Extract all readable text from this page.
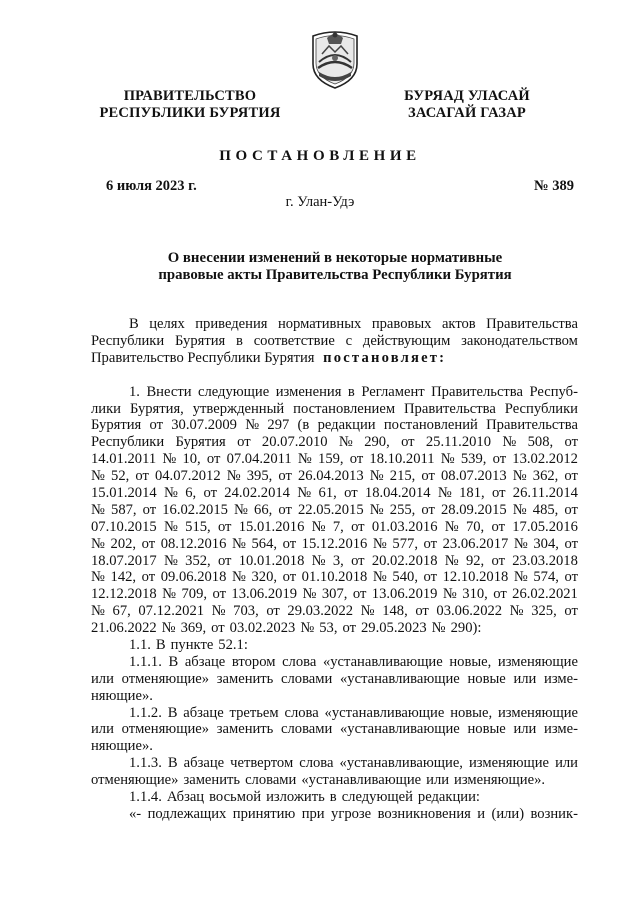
ПРАВИТЕЛЬСТВО
РЕСПУБЛИКИ БУРЯТИЯ
БУРЯАД УЛАСАЙ
ЗАСАГАЙ ГАЗАР
ПОСТАНОВЛЕНИЕ
6 июля 2023 г.	№ 389
г. Улан-Удэ
О внесении изменений в некоторые нормативные
правовые акты Правительства Республики Бурятия
В целях приведения нормативных правовых актов Правительства
Республики Бурятия в соответствие с действующим законодательством
Правительство Республики Бурятия постановляет:
1. Внести следующие изменения в Регламент Правительства Респуб-
лики Бурятия, утвержденный постановлением Правительства Республики
Бурятия от 30.07.2009 № 297 (в редакции постановлений Правительства
Республики Бурятия от 20.07.2010 № 290, от 25.11.2010 № 508, от
14.01.2011 № 10, от 07.04.2011 № 159, от 18.10.2011 № 539, от 13.02.2012
№ 52, от 04.07.2012 № 395, от 26.04.2013 № 215, от 08.07.2013 № 362, от
15.01.2014 № 6, от 24.02.2014 № 61, от 18.04.2014 № 181, от 26.11.2014
№ 587, от 16.02.2015 № 66, от 22.05.2015 № 255, от 28.09.2015 № 485, от
07.10.2015 № 515, от 15.01.2016 № 7, от 01.03.2016 № 70, от 17.05.2016
№ 202, от 08.12.2016 № 564, от 15.12.2016 № 577, от 23.06.2017 № 304, от
18.07.2017 № 352, от 10.01.2018 № 3, от 20.02.2018 № 92, от 23.03.2018
№ 142, от 09.06.2018 № 320, от 01.10.2018 № 540, от 12.10.2018 № 574, от
12.12.2018 № 709, от 13.06.2019 № 307, от 13.06.2019 № 310, от 26.02.2021
№ 67, 07.12.2021 № 703, от 29.03.2022 № 148, от 03.06.2022 № 325, от
21.06.2022 № 369, от 03.02.2023 № 53, от 29.05.2023 № 290):
1.1. В пункте 52.1:
1.1.1. В абзаце втором слова «устанавливающие новые, изменяющие
или отменяющие» заменить словами «устанавливающие новые или изме-
няющие».
1.1.2. В абзаце третьем слова «устанавливающие новые, изменяющие
или отменяющие» заменить словами «устанавливающие новые или изме-
няющие».
1.1.3. В абзаце четвертом слова «устанавливающие, изменяющие или
отменяющие» заменить словами «устанавливающие или изменяющие».
1.1.4. Абзац восьмой изложить в следующей редакции:
«- подлежащих принятию при угрозе возникновения и (или) возник-
